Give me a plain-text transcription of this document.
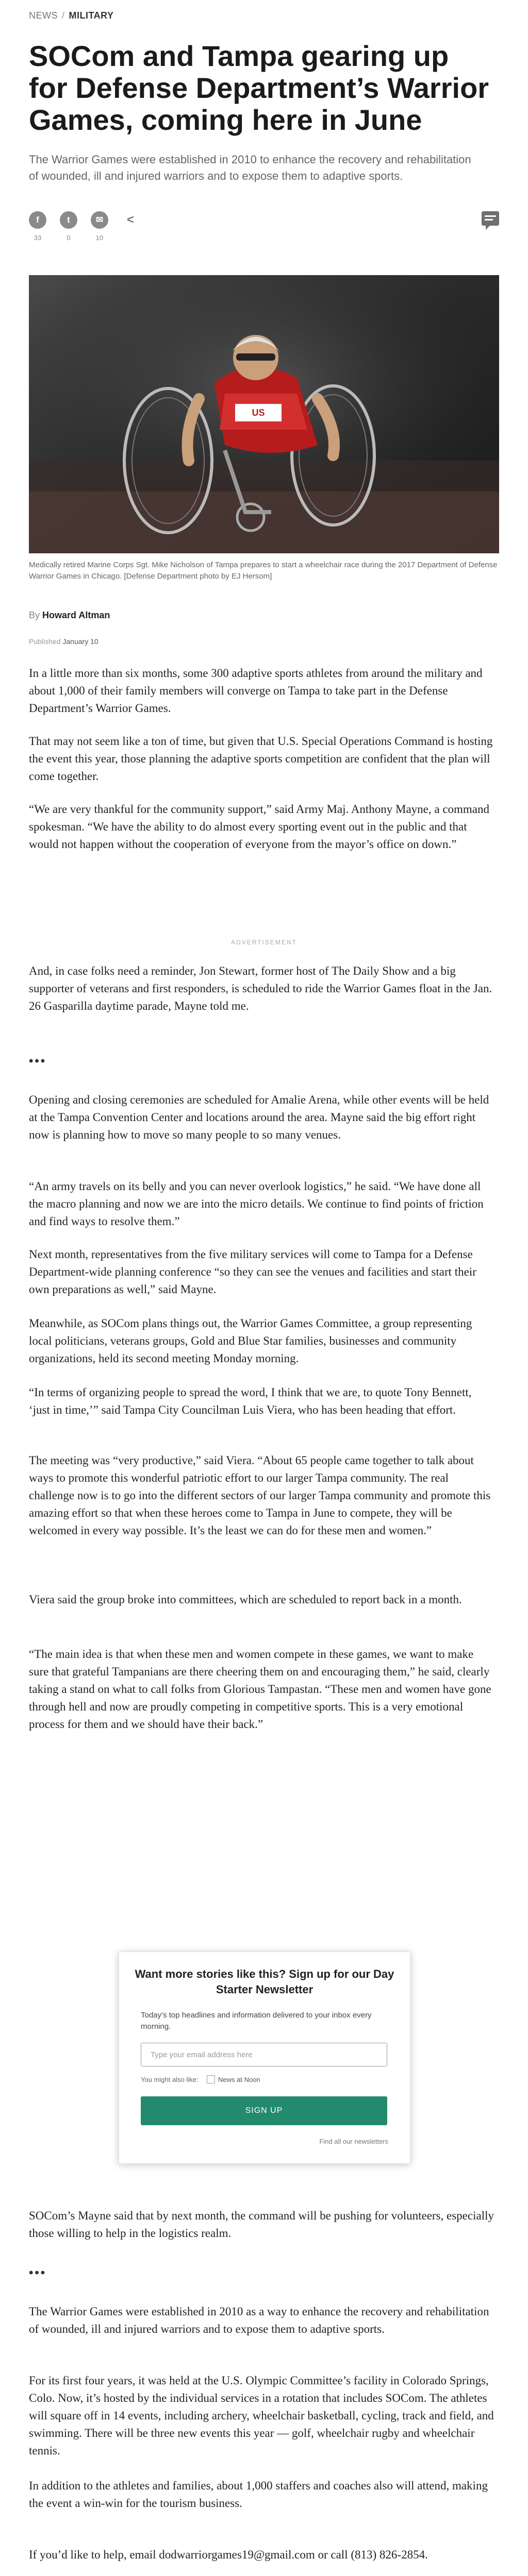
NEWS / MILITARY
SOCom and Tampa gearing up for Defense Department’s Warrior Games, coming here in June

The Warrior Games were established in 2010 to enhance the recovery and rehabilitation of wounded, ill and injured warriors and to expose them to adaptive sports.

f
33
t
0
✉
10
<
US

Medically retired Marine Corps Sgt. Mike Nicholson of Tampa prepares to start a wheelchair race during the 2017 Department of Defense Warrior Games in Chicago. [Defense Department photo by EJ Hersom]

By Howard Altman
Published January 10

In a little more than six months, some 300 adaptive sports athletes from around the military and about 1,000 of their family members will converge on Tampa to take part in the Defense Department’s Warrior Games.

That may not seem like a ton of time, but given that U.S. Special Operations Command is hosting the event this year, those planning the adaptive sports competition are confident that the plan will come together.

“We are very thankful for the community support,” said Army Maj. Anthony Mayne, a command spokesman. “We have the ability to do almost every sporting event out in the public and that would not happen without the cooperation of everyone from the mayor’s office on down.”

ADVERTISEMENT

And, in case folks need a reminder, Jon Stewart, former host of The Daily Show and a big supporter of veterans and first responders, is scheduled to ride the Warrior Games float in the Jan. 26 Gasparilla daytime parade, Mayne told me.

•••

Opening and closing ceremonies are scheduled for Amalie Arena, while other events will be held at the Tampa Convention Center and locations around the area. Mayne said the big effort right now is planning how to move so many people to so many venues.

“An army travels on its belly and you can never overlook logistics,” he said. “We have done all the macro planning and now we are into the micro details. We continue to find points of friction and find ways to resolve them.”

Next month, representatives from the five military services will come to Tampa for a Defense Department-wide planning conference “so they can see the venues and facilities and start their own preparations as well,” said Mayne.

Meanwhile, as SOCom plans things out, the Warrior Games Committee, a group representing local politicians, veterans groups, Gold and Blue Star families, businesses and community organizations, held its second meeting Monday morning.

“In terms of organizing people to spread the word, I think that we are, to quote Tony Bennett, ‘just in time,’” said Tampa City Councilman Luis Viera, who has been heading that effort.

The meeting was “very productive,” said Viera. “About 65 people came together to talk about ways to promote this wonderful patriotic effort to our larger Tampa community. The real challenge now is to go into the different sectors of our larger Tampa community and promote this amazing effort so that when these heroes come to Tampa in June to compete, they will be welcomed in every way possible. It’s the least we can do for these men and women.”

Viera said the group broke into committees, which are scheduled to report back in a month.

“The main idea is that when these men and women compete in these games, we want to make sure that grateful Tampanians are there cheering them on and encouraging them,” he said, clearly taking a stand on what to call folks from Glorious Tampastan. “These men and women have gone through hell and now are proudly competing in competitive sports. This is a very emotional process for them and we should have their back.”

Want more stories like this? Sign up for our Day Starter Newsletter

Today’s top headlines and information delivered to your inbox every morning.

Type your email address here
You might also like:	News at Noon
SIGN UP
Find all our newsletters

SOCom’s Mayne said that by next month, the command will be pushing for volunteers, especially those willing to help in the logistics realm.

•••

The Warrior Games were established in 2010 as a way to enhance the recovery and rehabilitation of wounded, ill and injured warriors and to expose them to adaptive sports.

For its first four years, it was held at the U.S. Olympic Committee’s facility in Colorado Springs, Colo. Now, it’s hosted by the individual services in a rotation that includes SOCom. The athletes will square off in 14 events, including archery, wheelchair basketball, cycling, track and field, and swimming. There will be three new events this year — golf, wheelchair rugby and wheelchair tennis.

In addition to the athletes and families, about 1,000 staffers and coaches also will attend, making the event a win-win for the tourism business.

If you’d like to help, email dodwarriorgames19@gmail.com or call (813) 826-2854.
